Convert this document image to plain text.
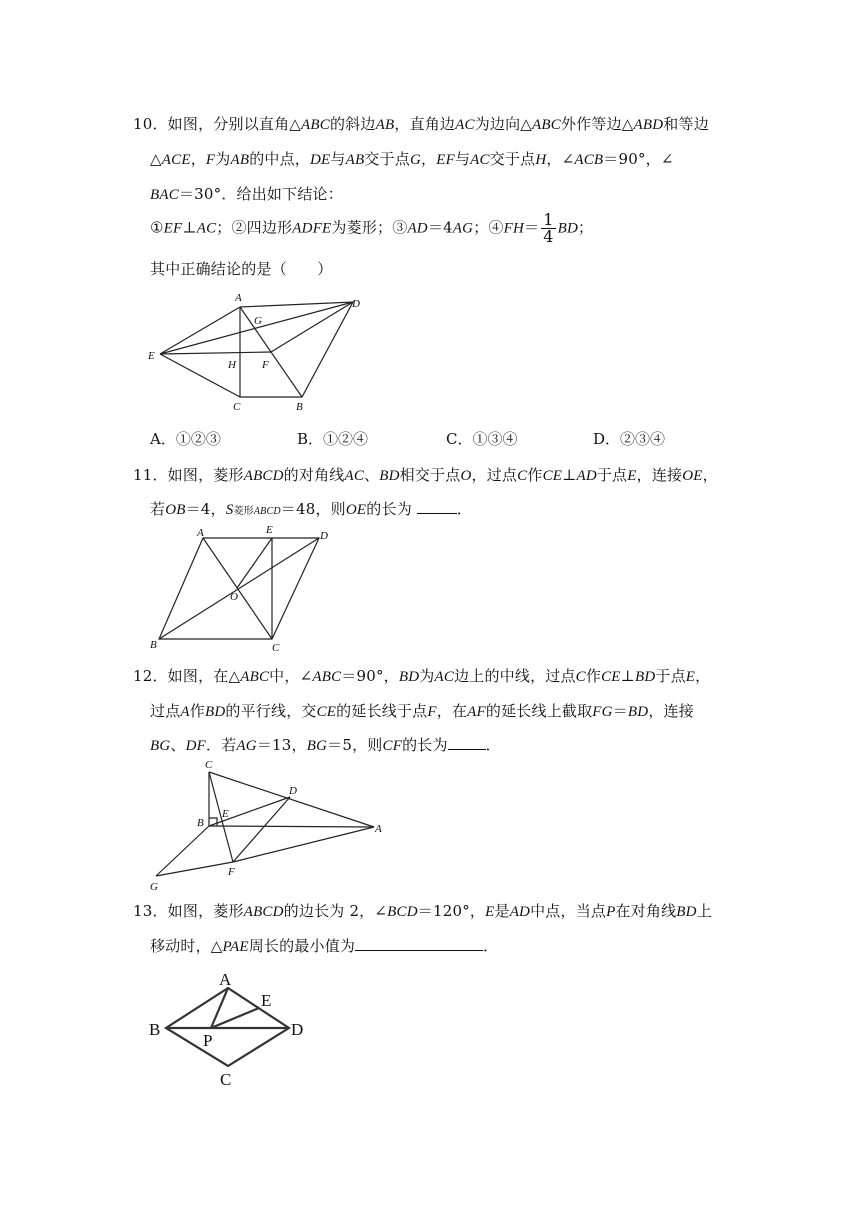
10．如图，分别以直角△ABC的斜边AB，直角边AC为边向△ABC外作等边△ABD和等边
△ACE，F为AB的中点，DE与AB交于点G，EF与AC交于点H，∠ACB＝90°，∠
BAC＝30°．给出如下结论：
①EF⊥AC；②四边形ADFE为菱形；③AD＝4AG；④FH＝ $\frac{1}{4}$ BD；
其中正确结论的是（　　）
A	D
G
E
H F
C	B
A．①②③	B．①②④	C．①③④	D．②③④
11．如图，菱形ABCD的对角线AC、BD相交于点O，过点C作CE⊥AD于点E，连接OE，
若OB＝4，S菱形ABCD＝48，则OE的长为	．
A	E	D
O
B	C
12．如图，在△ABC中，∠ABC＝90°，BD为AC边上的中线，过点C作CE⊥BD于点E，
过点A作BD的平行线，交CE的延长线于点F，在AF的延长线上截取FG＝BD，连接
BG、DF．若AG＝13，BG＝5，则CF的长为	．
C
D
E
B	A
F
G
13．如图，菱形ABCD的边长为 2，∠BCD＝120°，E是AD中点，当点P在对角线BD上
移动时，△PAE周长的最小值为	．
A
E
B	D
P
C
